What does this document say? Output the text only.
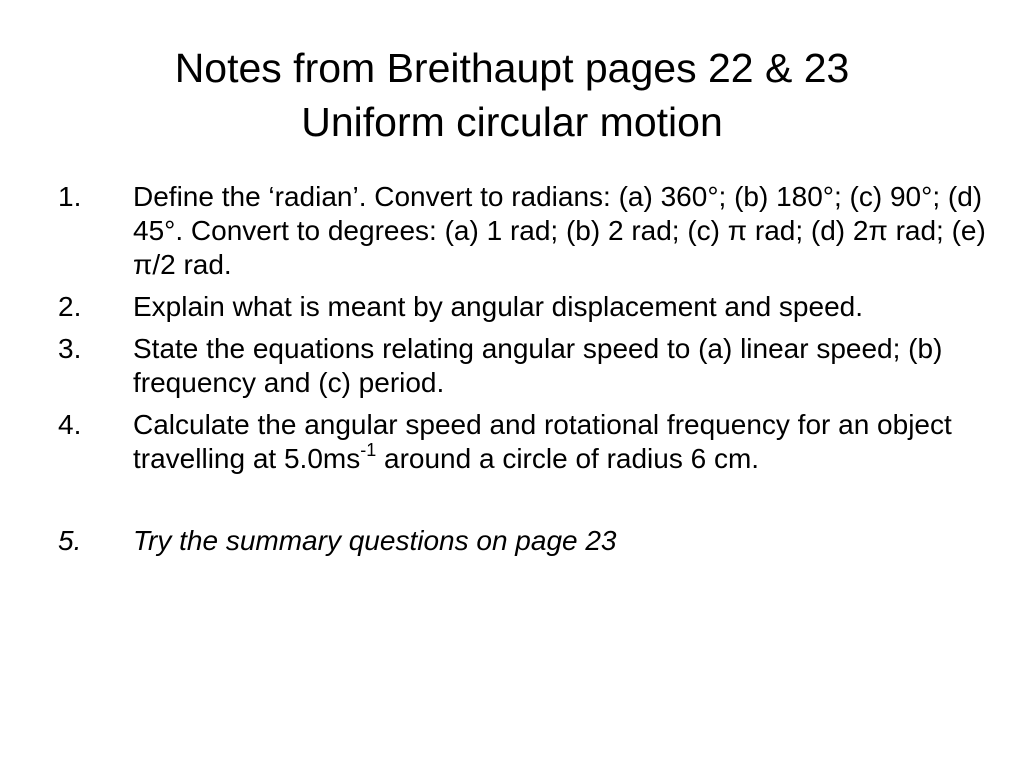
Notes from Breithaupt pages 22 & 23
Uniform circular motion
1.	Define the ‘radian’. Convert to radians: (a) 360°; (b) 180°; (c) 90°; (d) 45°. Convert to degrees: (a) 1 rad; (b) 2 rad; (c) π rad; (d) 2π rad; (e) π/2 rad.
2.	Explain what is meant by angular displacement and speed.
3.	State the equations relating angular speed to (a) linear speed; (b) frequency and (c) period.
4.	Calculate the angular speed and rotational frequency for an object travelling at $5.0ms^{-1}$ around a circle of radius 6 cm.
5.	Try the summary questions on page 23
